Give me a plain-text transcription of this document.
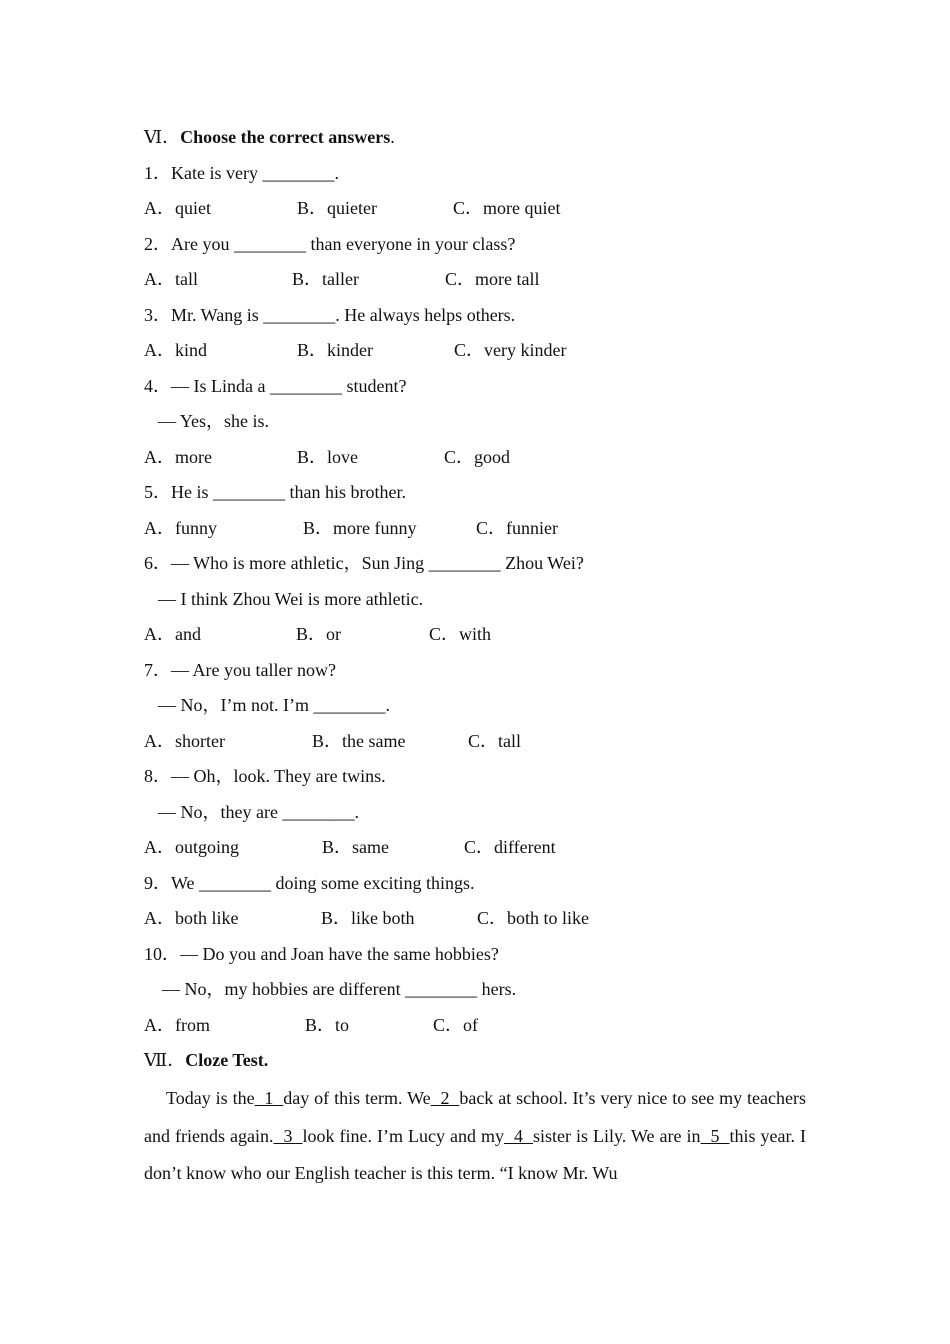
Ⅵ．Choose the correct answers.
1．Kate is very ________.
A．quiet	B．quieter	C．more quiet
2．Are you ________ than everyone in your class?
A．tall	B．taller	C．more tall
3．Mr. Wang is ________. He always helps others.
A．kind	B．kinder	C．very kinder
4．— Is Linda a ________ student?
— Yes，she is.
A．more	B．love	C．good
5．He is ________ than his brother.
A．funny	B．more funny	C．funnier
6．— Who is more athletic，Sun Jing ________ Zhou Wei?
— I think Zhou Wei is more athletic.
A．and	B．or	C．with
7．— Are you taller now?
— No，I’m not. I’m ________.
A．shorter	B．the same	C．tall
8．— Oh，look. They are twins.
— No，they are ________.
A．outgoing	B．same	C．different
9．We ________ doing some exciting things.
A．both like	B．like both	C．both to like
10．— Do you and Joan have the same hobbies?
— No，my hobbies are different ________ hers.
A．from	B．to	C．of
Ⅶ．Cloze Test.
Today is the  1  day of this term. We  2  back at school. It’s very nice to see my teachers and friends again.  3  look fine. I’m Lucy and my  4  sister is Lily. We are in  5  this year. I don’t know who our English teacher is this term. “I know Mr. Wu
